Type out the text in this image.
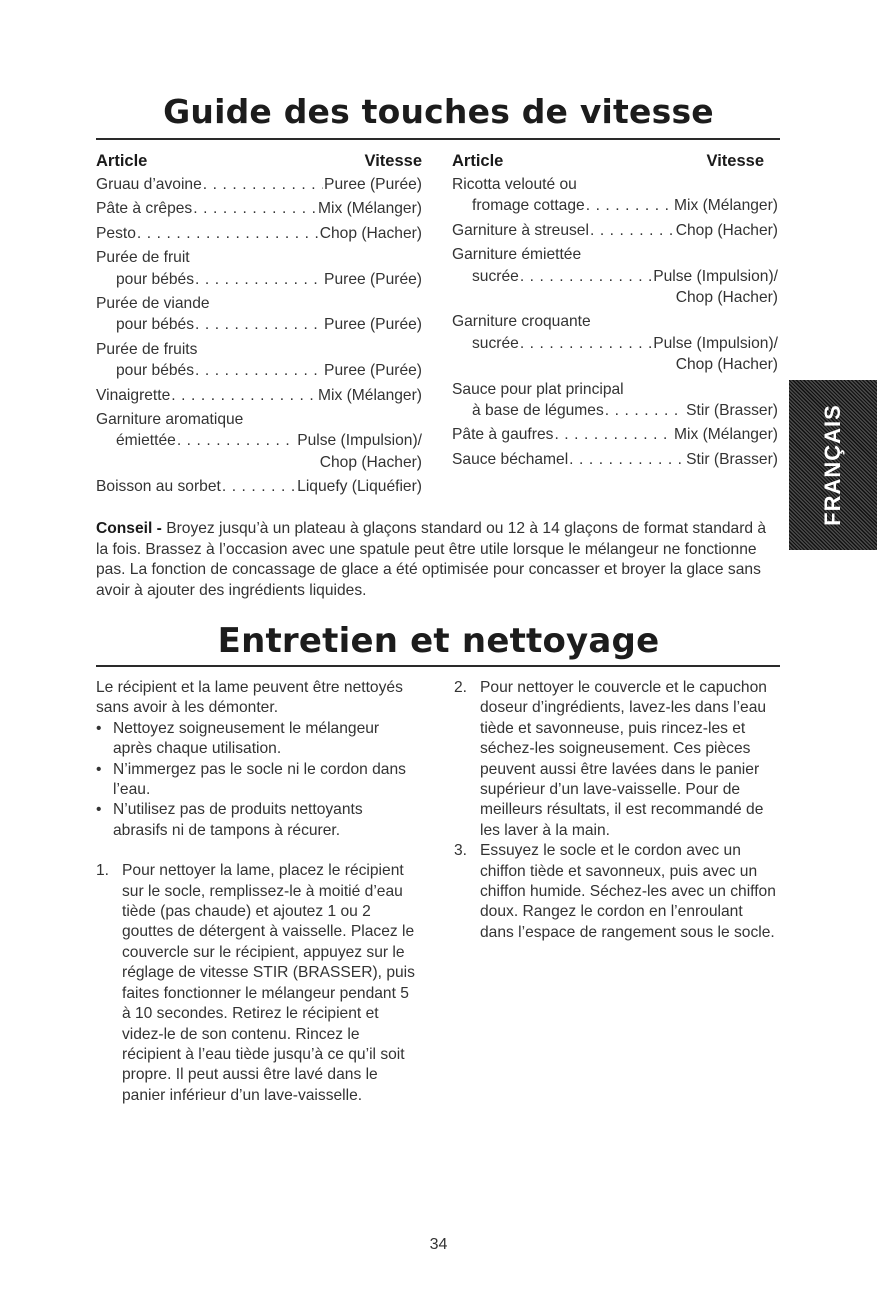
Guide des touches de vitesse
Article	Vitesse
Gruau d’avoine . . .	Puree (Purée)
Pâte à crêpes . . .	Mix (Mélanger)
Pesto . . .	Chop (Hacher)
Purée de fruit
pour bébés . . .	Puree (Purée)
Purée de viande
pour bébés . . .	Puree (Purée)
Purée de fruits
pour bébés . . .	Puree (Purée)
Vinaigrette . . .	Mix (Mélanger)
Garniture aromatique
émiettée . . .	Pulse (Impulsion)/
Chop (Hacher)
Boisson au sorbet . . .	Liquefy (Liquéfier)
Article	Vitesse
Ricotta velouté ou
fromage cottage . . .	Mix (Mélanger)
Garniture à streusel . . .	Chop (Hacher)
Garniture émiettée
sucrée . . .	Pulse (Impulsion)/
Chop (Hacher)
Garniture croquante
sucrée . . .	Pulse (Impulsion)/
Chop (Hacher)
Sauce pour plat principal
à base de légumes . . .	Stir (Brasser)
Pâte à gaufres . . .	Mix (Mélanger)
Sauce béchamel . . .	Stir (Brasser)
Conseil - Broyez jusqu’à un plateau à glaçons standard ou 12 à 14 glaçons de format standard à la fois. Brassez à l’occasion avec une spatule peut être utile lorsque le mélangeur ne fonctionne pas. La fonction de concassage de glace a été optimisée pour concasser et broyer la glace sans avoir à ajouter des ingrédients liquides.
Entretien et nettoyage
Le récipient et la lame peuvent être nettoyés sans avoir à les démonter.
• Nettoyez soigneusement le mélangeur après chaque utilisation.
• N’immergez pas le socle ni le cordon dans l’eau.
• N’utilisez pas de produits nettoyants abrasifs ni de tampons à récurer.
1. Pour nettoyer la lame, placez le récipient sur le socle, remplissez-le à moitié d’eau tiède (pas chaude) et ajoutez 1 ou 2 gouttes de détergent à vaisselle. Placez le couvercle sur le récipient, appuyez sur le réglage de vitesse STIR (BRASSER), puis faites fonctionner le mélangeur pendant 5 à 10 secondes. Retirez le récipient et videz-le de son contenu. Rincez le récipient à l’eau tiède jusqu’à ce qu’il soit propre. Il peut aussi être lavé dans le panier inférieur d’un lave-vaisselle.
2. Pour nettoyer le couvercle et le capuchon doseur d’ingrédients, lavez-les dans l’eau tiède et savonneuse, puis rincez-les et séchez-les soigneusement. Ces pièces peuvent aussi être lavées dans le panier supérieur d’un lave-vaisselle. Pour de meilleurs résultats, il est recommandé de les laver à la main.
3. Essuyez le socle et le cordon avec un chiffon tiède et savonneux, puis avec un chiffon humide. Séchez-les avec un chiffon doux. Rangez le cordon en l’enroulant dans l’espace de rangement sous le socle.
FRANÇAIS
34
